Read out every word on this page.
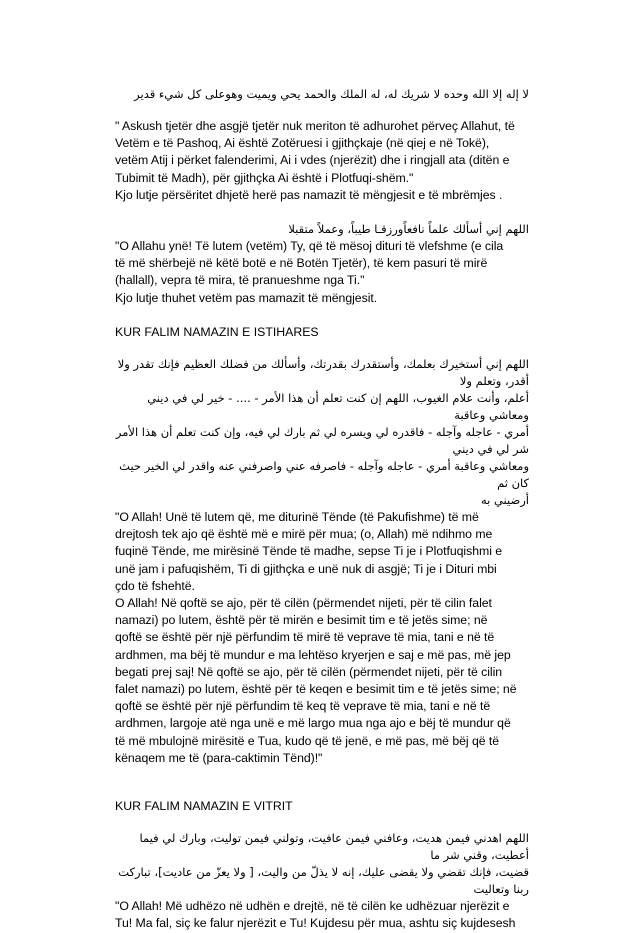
لا إله إلا الله وحده لا شريك له، له الملك والحمد يحي ويميت وهوعلى كل شيء قدير
" Askush tjetër dhe asgjë tjetër nuk meriton të adhurohet përveç Allahut, të
Vetëm e të Pashoq, Ai është Zotëruesi i gjithçkaje (në qiej e në Tokë),
vetëm Atij i përket falenderimi, Ai i vdes (njerëzit) dhe i ringjall ata (ditën e
Tubimit të Madh), për gjithçka Ai është i Plotfuqi-shëm."
Kjo lutje përsëritet dhjetë herë pas namazit të mëngjesit e të mbrëmjes .
اللهم إني أسألك علماً نافعاًورزقـا طيباً، وعملاً متقبلا
"O Allahu ynë! Të lutem (vetëm) Ty, që të mësoj dituri të vlefshme (e cila
të më shërbejë në këtë botë e në Botën Tjetër), të kem pasuri të mirë
(hallall), vepra të mira, të pranueshme nga Ti."
Kjo lutje thuhet vetëm pas mamazit të mëngjesit.
KUR FALIM NAMAZIN E ISTIHARES
اللهم إني أستخيرك بعلمك، وأستقدرك بقدرتك، وأسألك من فضلك العظيم فإنك تقدر ولا أقدر، وتعلم ولا
أعلم، وأنت علام الغيوب، اللهم إن كنت تعلم أن هذا الأمر - .... - خير لي في ديني ومعاشي وعاقبة
أمري - عاجله وآجله - فاقدره لي ويسره لي ثم بارك لي فيه، وإن كنت تعلم أن هذا الأمر شر لي في ديني
ومعاشي وعاقبة أمري - عاجله وآجله - فاصرفه عني واصرفني عنه واقدر لي الخير حيث كان ثم
أرضيني به
"O Allah! Unë të lutem që, me diturinë Tënde (të Pakufishme) të më
drejtosh tek ajo që është më e mirë për mua; (o, Allah) më ndihmo me
fuqinë Tënde, me mirësinë Tënde të madhe, sepse Ti je i Plotfuqishmi e
unë jam i pafuqishëm, Ti di gjithçka e unë nuk di asgjë; Ti je i Dituri mbi
çdo të fshehtë.
O Allah! Në qoftë se ajo, për të cilën (përmendet nijeti, për të cilin falet
namazi) po lutem, është për të mirën e besimit tim e të jetës sime; në
qoftë se është për një përfundim të mirë të veprave të mia, tani e në të
ardhmen, ma bëj të mundur e ma lehtëso kryerjen e saj e më pas, më jep
begati prej saj! Në qoftë se ajo, për të cilën (përmendet nijeti, për të cilin
falet namazi) po lutem, është për të keqen e besimit tim e të jetës sime; në
qoftë se është për një përfundim të keq të veprave të mia, tani e në të
ardhmen, largoje atë nga unë e më largo mua nga ajo e bëj të mundur që
të më mbulojnë mirësitë e Tua, kudo që të jenë, e më pas, më bëj që të
kënaqem me të (para-caktimin Tënd)!"
KUR FALIM NAMAZIN E VITRIT
اللهم اهدني فيمن هديت، وعافني فيمن عافيت، وتولني فيمن توليت، وبارك لي فيما أعطيت، وقني شر ما
قضيت، فإنك تقضي ولا يقضى عليك، إنه لا يذلّ من واليت، [ ولا يعزّ من عاديت]، تباركت ربنا وتعاليت
"O Allah! Më udhëzo në udhën e drejtë, në të cilën ke udhëzuar njerëzit e
Tu! Ma fal, siç ke falur njerëzit e Tu! Kujdesu për mua, ashtu siç kujdesesh
